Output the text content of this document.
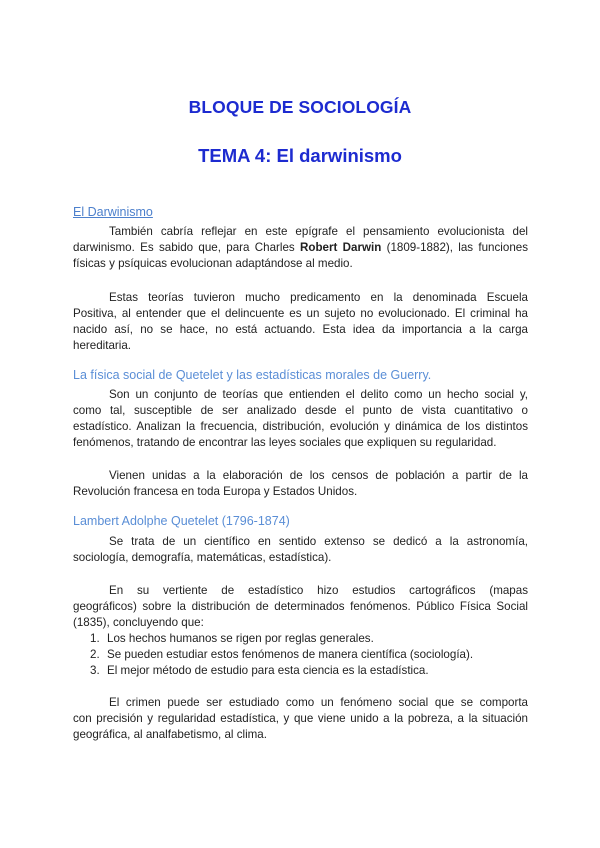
BLOQUE DE SOCIOLOGÍA
TEMA 4: El darwinismo
El Darwinismo
También cabría reflejar en este epígrafe el pensamiento evolucionista del
darwinismo. Es sabido que, para Charles Robert Darwin (1809-1882), las funciones
físicas y psíquicas evolucionan adaptándose al medio.
Estas teorías tuvieron mucho predicamento en la denominada Escuela
Positiva, al entender que el delincuente es un sujeto no evolucionado. El criminal ha
nacido así, no se hace, no está actuando. Esta idea da importancia a la carga
hereditaria.
La física social de Quetelet y las estadísticas morales de Guerry.
Son un conjunto de teorías que entienden el delito como un hecho social y,
como tal, susceptible de ser analizado desde el punto de vista cuantitativo o
estadístico. Analizan la frecuencia, distribución, evolución y dinámica de los distintos
fenómenos, tratando de encontrar las leyes sociales que expliquen su regularidad.
Vienen unidas a la elaboración de los censos de población a partir de la
Revolución francesa en toda Europa y Estados Unidos.
Lambert Adolphe Quetelet (1796-1874)
Se trata de un científico en sentido extenso se dedicó a la astronomía,
sociología, demografía, matemáticas, estadística).
En su vertiente de estadístico hizo estudios cartográficos (mapas
geográficos) sobre la distribución de determinados fenómenos. Público Física Social
(1835), concluyendo que:
1. Los hechos humanos se rigen por reglas generales.
2. Se pueden estudiar estos fenómenos de manera científica (sociología).
3. El mejor método de estudio para esta ciencia es la estadística.
El crimen puede ser estudiado como un fenómeno social que se comporta
con precisión y regularidad estadística, y que viene unido a la pobreza, a la situación
geográfica, al analfabetismo, al clima.
